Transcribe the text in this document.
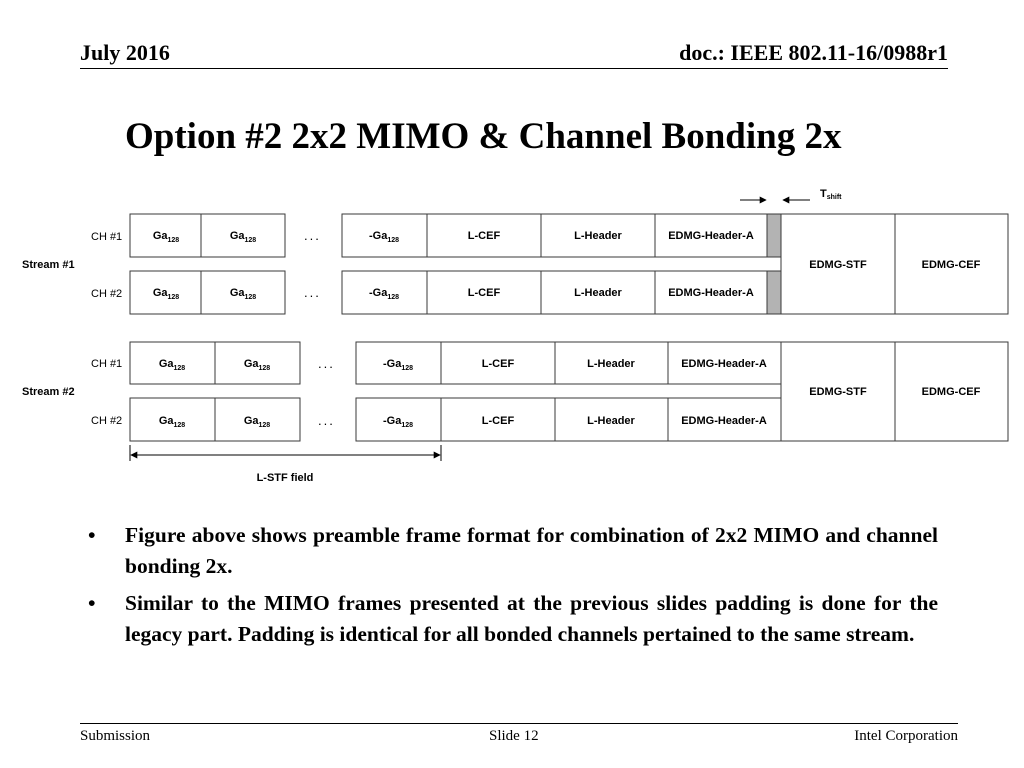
July 2016	doc.: IEEE 802.11-16/0988r1
Option #2 2x2 MIMO & Channel Bonding 2x
Tshift
Stream #1
CH #1	Ga128	Ga128	...	-Ga128	L-CEF	L-Header	EDMG-Header-A
CH #2	Ga128	Ga128	...	-Ga128	L-CEF	L-Header	EDMG-Header-A
EDMG-STF	EDMG-CEF
Stream #2
CH #1	Ga128	Ga128	...	-Ga128	L-CEF	L-Header	EDMG-Header-A
CH #2	Ga128	Ga128	...	-Ga128	L-CEF	L-Header	EDMG-Header-A
EDMG-STF	EDMG-CEF
L-STF field
• Figure above shows preamble frame format for combination of 2x2 MIMO and channel bonding 2x.
• Similar to the MIMO frames presented at the previous slides padding is done for the legacy part. Padding is identical for all bonded channels pertained to the same stream.
Submission	Slide 12	Intel Corporation
